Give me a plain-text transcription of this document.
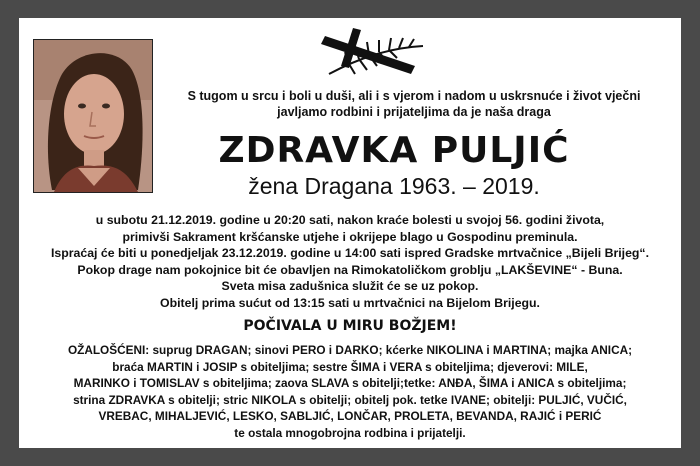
S tugom u srcu i boli u duši, ali i s vjerom i nadom u uskrsnuće i život vječni
javljamo rodbini i prijateljima da je naša draga
ZDRAVKA PULJIĆ
žena Dragana 1963. – 2019.
u subotu 21.12.2019. godine u 20:20 sati, nakon kraće bolesti u svojoj 56. godini života,
primivši Sakrament kršćanske utjehe i okrijepe blago u Gospodinu preminula.
Ispraćaj će biti u ponedjeljak 23.12.2019. godine u 14:00 sati ispred Gradske mrtvačnice „Bijeli Brijeg“.
Pokop drage nam pokojnice bit će obavljen na Rimokatoličkom groblju „LAKŠEVINE“ - Buna.
Sveta misa zadušnica služit će se uz pokop.
Obitelj prima sućut od 13:15 sati u mrtvačnici na Bijelom Brijegu.
POČIVALA U MIRU BOŽJEM!
OŽALOŠĆENI: suprug DRAGAN; sinovi PERO i DARKO; kćerke NIKOLINA i MARTINA; majka ANICA;
braća MARTIN i JOSIP s obiteljima; sestre ŠIMA i VERA s obiteljima; djeverovi: MILE,
MARINKO i TOMISLAV s obiteljima; zaova SLAVA s obitelji;tetke: ANĐA, ŠIMA i ANICA s obiteljima;
strina ZDRAVKA s obitelji; stric NIKOLA s obitelji; obitelj pok. tetke IVANE; obitelji: PULJIĆ, VUČIĆ,
VREBAC, MIHALJEVIĆ, LESKO, SABLJIĆ, LONČAR, PROLETA, BEVANDA, RAJIĆ i PERIĆ
te ostala mnogobrojna rodbina i prijatelji.
